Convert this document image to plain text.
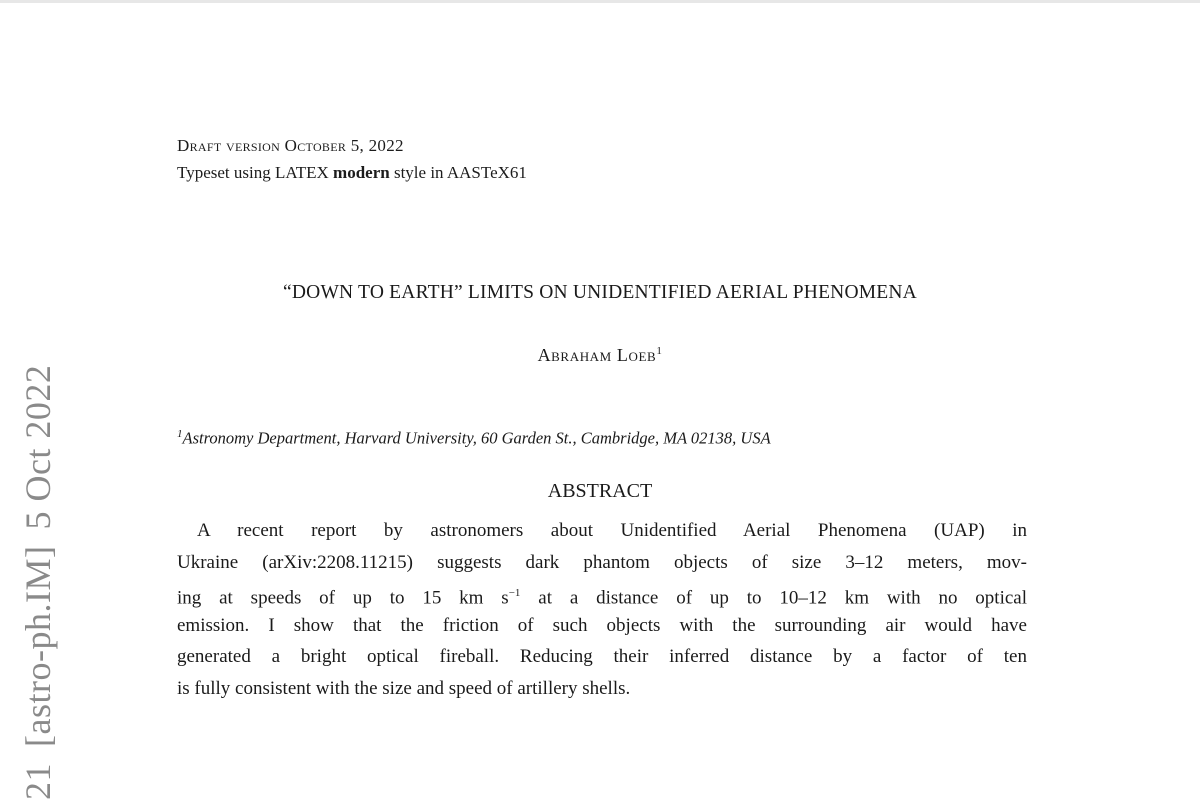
21[astro-ph.IM]5 Oct 2022
Draft version October 5, 2022
Typeset using LATEX modern style in AASTeX61
“DOWN TO EARTH” LIMITS ON UNIDENTIFIED AERIAL PHENOMENA
Abraham Loeb$^1$
$^1$Astronomy Department, Harvard University, 60 Garden St., Cambridge, MA 02138, USA
ABSTRACT
A recent report by astronomers about Unidentified Aerial Phenomena (UAP) in
Ukraine (arXiv:2208.11215) suggests dark phantom objects of size 3–12 meters, mov-
ing at speeds of up to 15 km $s^{-1}$ at a distance of up to 10–12 km with no optical
emission. I show that the friction of such objects with the surrounding air would have
generated a bright optical fireball. Reducing their inferred distance by a factor of ten
is fully consistent with the size and speed of artillery shells.
